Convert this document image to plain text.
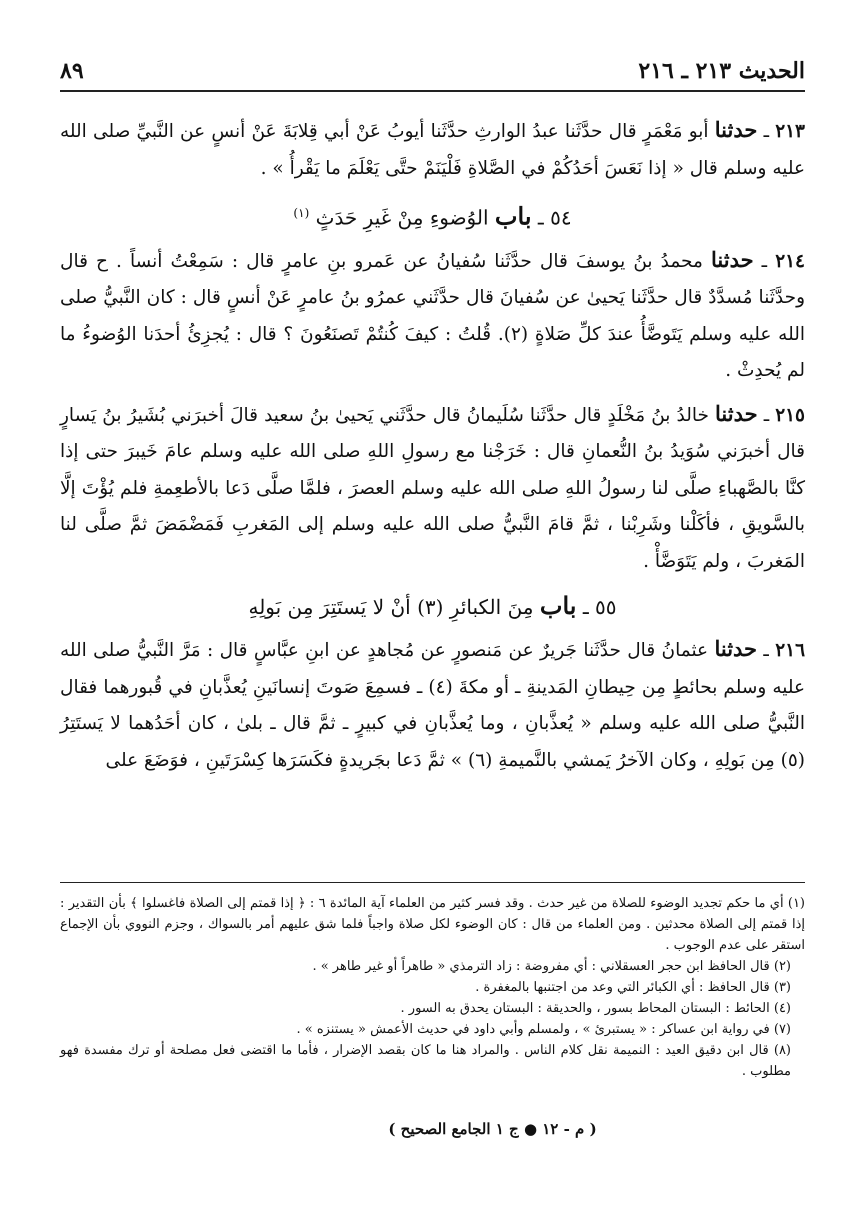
الحديث ٢١٣ ـ ٢١٦
٨٩

٢١٣ ـ حدثنا أبو مَعْمَرٍ قال حدَّثَنا عبدُ الوارثِ حدَّثَنا أيوبُ عَنْ أبي قِلابَةَ عَنْ أنسٍ عن النَّبيِّ صلى الله عليه وسلم قال « إذا نَعَسَ أحَدُكُمْ في الصَّلاةِ فَلْيَنَمْ حتَّى يَعْلَمَ ما يَقْرأُ » .

٥٤ ـ باب الوُضوءِ مِنْ غَيرِ حَدَثٍ $^{(١)}$

٢١٤ ـ حدثنا محمدُ بنُ يوسفَ قال حدَّثَنا سُفيانُ عن عَمرو بنِ عامرٍ قال : سَمِعْتُ أنساً . ح قال وحدَّثَنا مُسدَّدٌ قال حدَّثَنا يَحيىٰ عن سُفيانَ قال حدَّثَني عمرُو بنُ عامرٍ عَنْ أنسٍ قال : كان النَّبيُّ صلى الله عليه وسلم يَتَوضَّأُ عندَ كلِّ صَلاةٍ (٢). قُلتُ : كيفَ كُنتُمْ تَصنَعُونَ ؟ قال : يُجزِئُ أحدَنا الوُضوءُ ما لم يُحدِثْ .

٢١٥ ـ حدثنا خالدُ بنُ مَخْلَدٍ قال حدَّثَنا سُلَيمانُ قال حدَّثَني يَحيىٰ بنُ سعيد قالَ أخبرَني بُشَيرُ بنُ يَسارٍ قال أخبرَني سُوَيدُ بنُ النُّعمانِ قال : خَرَجْنا مع رسولِ اللهِ صلى الله عليه وسلم عامَ خَيبرَ حتى إذا كنَّا بالصَّهباءِ صلَّى لنا رسولُ اللهِ صلى الله عليه وسلم العصرَ ، فلمَّا صلَّى دَعا بالأطعِمةِ فلم يُؤْتَ إلَّا بالسَّويقِ ، فأكَلْنا وشَرِبْنا ، ثمَّ قامَ النَّبيُّ صلى الله عليه وسلم إلى المَغربِ فَمَضْمَضَ ثمَّ صلَّى لنا المَغربَ ، ولم يَتَوَضَّأْ .

٥٥ ـ باب مِنَ الكبائرِ (٣) أنْ لا يَستَتِرَ مِن بَولِهِ

٢١٦ ـ حدثنا عثمانُ قال حدَّثَنا جَريرٌ عن مَنصورٍ عن مُجاهدٍ عن ابنِ عبَّاسٍ قال : مَرَّ النَّبيُّ صلى الله عليه وسلم بحائطٍ مِن حِيطانِ المَدينةِ ـ أو مكةَ (٤) ـ فسمِعَ صَوتَ إنسانَينِ يُعذَّبانِ في قُبورهما فقال النَّبيُّ صلى الله عليه وسلم « يُعذَّبانِ ، وما يُعذَّبانِ في كبيرٍ ـ ثمَّ قال ـ بلىٰ ، كان أحَدُهما لا يَستَتِرُ (٥) مِن بَولِهِ ، وكان الآخرُ يَمشي بالنَّميمةِ (٦) » ثمَّ دَعا بجَريدةٍ فكَسَرَها كِسْرَتَينِ ، فوَضَعَ على

(١) أي ما حكم تجديد الوضوء للصلاة من غير حدث . وقد فسر كثير من العلماء آية المائدة ٦ : ﴿ إذا قمتم إلى الصلاة فاغسلوا ﴾ بأن التقدير : إذا قمتم إلى الصلاة محدثين . ومن العلماء من قال : كان الوضوء لكل صلاة واجباً فلما شق عليهم أمر بالسواك ، وجزم النووي بأن الإجماع استقر على عدم الوجوب .

(٢) قال الحافظ ابن حجر العسقلاني : أي مفروضة : زاد الترمذي « طاهراً أو غير طاهر » .

(٣) قال الحافظ : أي الكبائر التي وعد من اجتنبها بالمغفرة .

(٤) الحائط : البستان المحاط بسور ، والحديقة : البستان يحدق به السور .

(٧) في رواية ابن عساكر : « يستبرئ » ، ولمسلم وأبي داود في حديث الأعمش « يستنزه » .

(٨) قال ابن دقيق العيد : النميمة نقل كلام الناس . والمراد هنا ما كان بقصد الإضرار ، فأما ما اقتضى فعل مصلحة أو ترك مفسدة فهو مطلوب .

( م - ١٢ ● ج ١ الجامع الصحيح )
